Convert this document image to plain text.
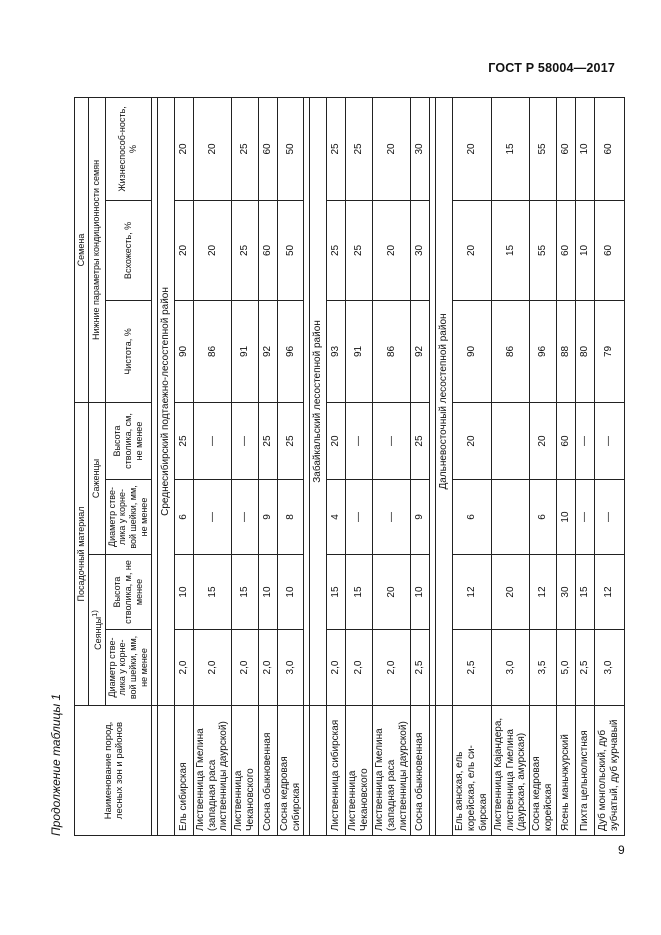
ГОСТ Р 58004—2017
Продолжение таблицы 1	Наименование пород, лесных зон и районов	Посадочный материал				Семена		
	Сеянцы$^{1)}$		Саженцы		Нижние параметры кондиционности семян		
	Диаметр стве-лика у корне-вой шейки, мм, не менее	Высота стволика, м, не менее	Диаметр стве-лика у корне-вой шейки, мм, не менее	Высота стволика, см, не менее	Чистота, %	Всхожесть, %	Жизнеспособ-ность, %

	Среднесибирский подтаежно-лесостепной район						
Ель сибирская	2,0	10	6	25	90	20	20
Лиственница Гмелина (западная раса лиственницы даурской)	2,0	15	—	—	86	20	20
Лиственница Чекановского	2,0	15	—	—	91	25	25
Сосна обыкновенная	2,0	10	9	25	92	60	60
Сосна кедровая сибирская	3,0	10	8	25	96	50	50

	Забайкальский лесостепной район						
Лиственница сибирская	2,0	15	4	20	93	25	25
Лиственница Чекановского	2,0	15	—	—	91	25	25
Лиственница Гмелина (западная раса лиственницы даурской)	2,0	20	—	—	86	20	20
Сосна обыкновенная	2,5	10	9	25	92	30	30

	Дальневосточный лесостепной район						
Ель аянская, ель корейская, ель си-бирская	2,5	12	6	20	90	20	20
Лиственница Кајандера, лиственница Гмелина (даурская, амурская)	3,0	20			86	15	15
Сосна кедровая корейская	3,5	12	6	20	96	55	55
Ясень маньчжурский	5,0	30	10	60	88	60	60
Пихта цельнолистная	2,5	15	—	—	80	10	10
Дуб монгольский, дуб зубчатый, дуб курчавый	3,0	12	—	—	79	60	60
9
